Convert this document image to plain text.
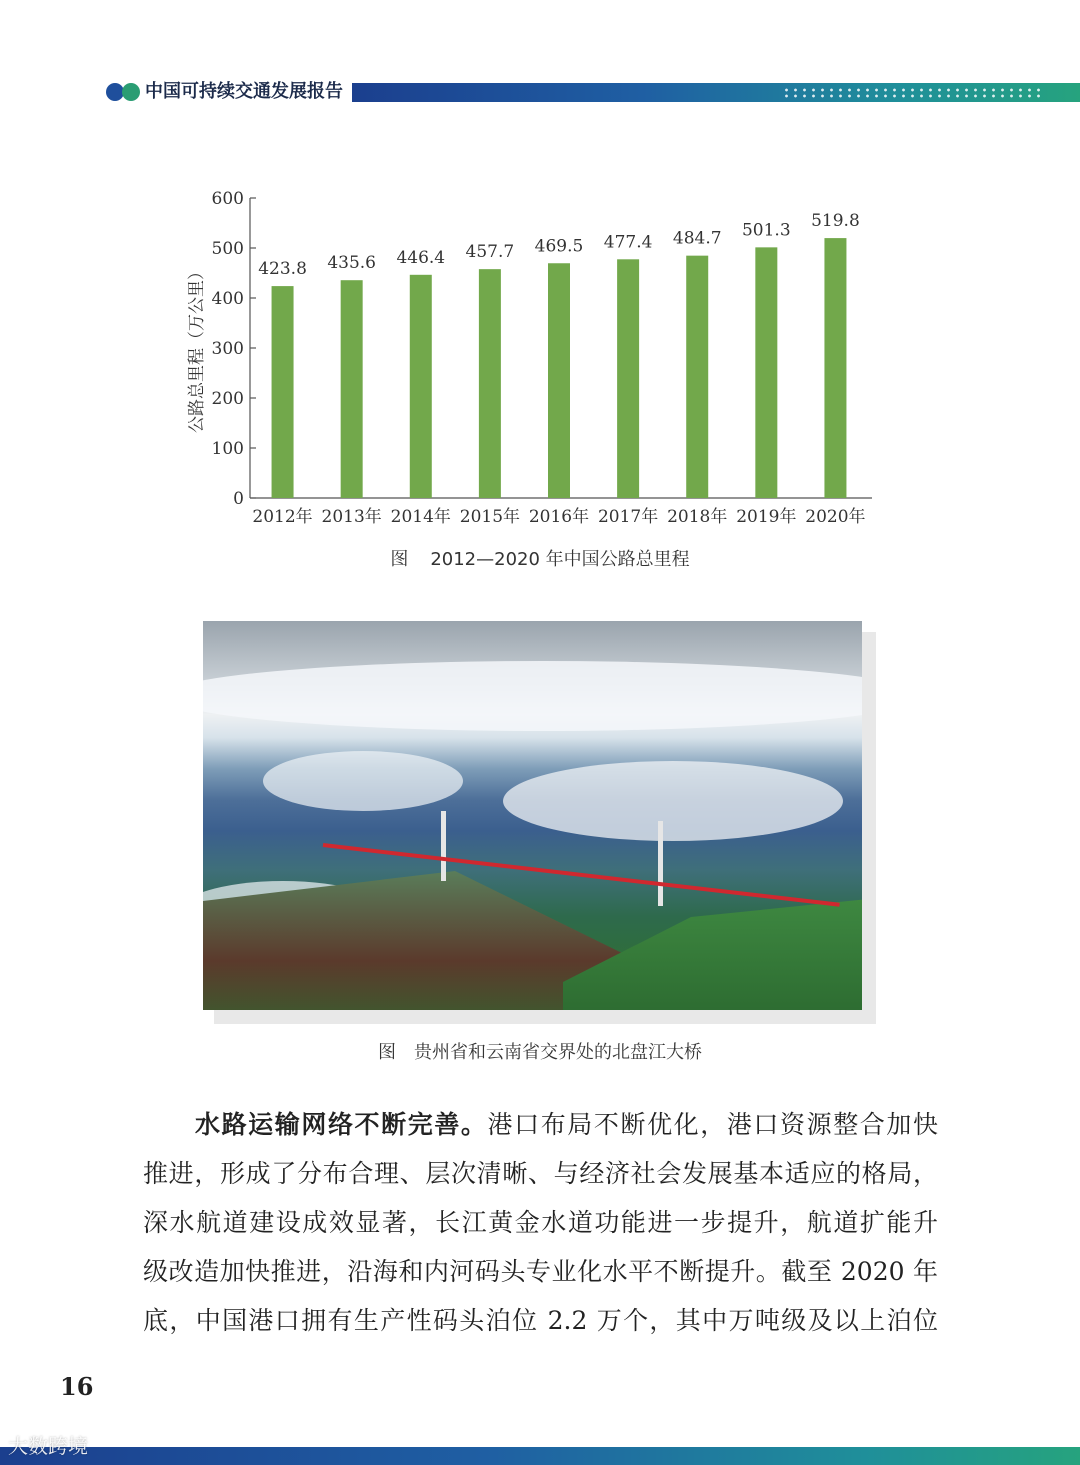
中国可持续交通发展报告
0
100
200
300
400
500
600
公路总里程（万公里）	423.8
2012年
435.6
2013年
446.4
2014年
457.7
2015年
469.5
2016年
477.4
2017年
484.7
2018年
501.3
2019年
519.8
2020年
图 2012—2020 年中国公路总里程
图 贵州省和云南省交界处的北盘江大桥
水路运输网络不断完善。港口布局不断优化，港口资源整合加快
推进，形成了分布合理、层次清晰、与经济社会发展基本适应的格局，
深水航道建设成效显著，长江黄金水道功能进一步提升，航道扩能升
级改造加快推进，沿海和内河码头专业化水平不断提升。截至 2020 年
底，中国港口拥有生产性码头泊位 2.2 万个，其中万吨级及以上泊位
16
大数跨境
